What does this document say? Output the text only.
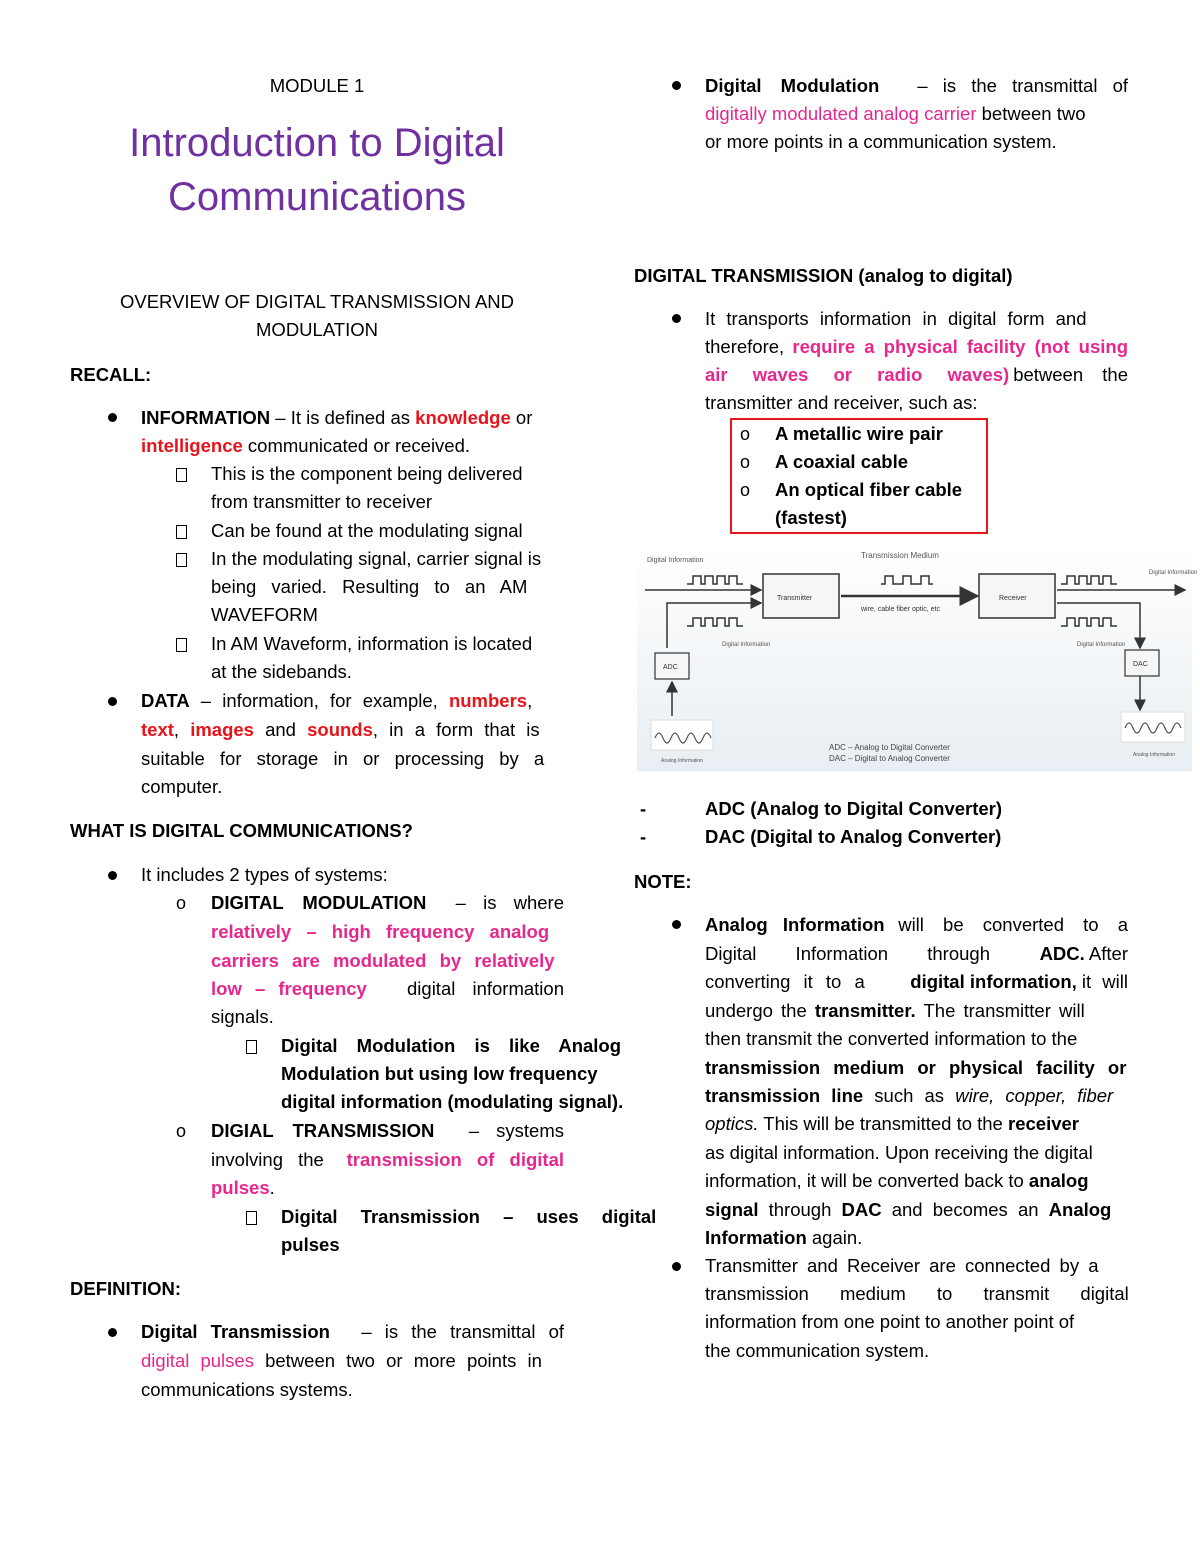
MODULE 1
Introduction to Digital
Communications
OVERVIEW OF DIGITAL TRANSMISSION AND
MODULATION
RECALL:
INFORMATION – It is defined as knowledge or
intelligence communicated or received.
This is the component being delivered
from transmitter to receiver
Can be found at the modulating signal
In the modulating signal, carrier signal is
being varied. Resulting to an AM
WAVEFORM
In AM Waveform, information is located
at the sidebands.
DATA – information, for example, numbers,
text, images and sounds, in a form that is
suitable for storage in or processing by a
computer.
WHAT IS DIGITAL COMMUNICATIONS?
It includes 2 types of systems:
o DIGITAL MODULATION – is where
relatively – high frequency analog
carriers are modulated by relatively
low – frequency digital information
signals.
Digital Modulation is like Analog
Modulation but using low frequency
digital information (modulating signal).
o DIGIAL TRANSMISSION – systems
involving the transmission of digital
pulses.
Digital Transmission – uses digital
pulses
DEFINITION:
Digital Transmission – is the transmittal of
digital pulses between two or more points in
communications systems.
Digital Modulation – is the transmittal of
digitally modulated analog carrier between two
or more points in a communication system.
DIGITAL TRANSMISSION (analog to digital)
It transports information in digital form and
therefore, require a physical facility (not using
air waves or radio waves) between the
transmitter and receiver, such as:
o A metallic wire pair
o A coaxial cable
o An optical fiber cable
(fastest)
Digital Information
Transmission Medium
Digital Information
Transmitter	Receiver
wire, cable fiber optic, etc
Digital Information	Digital Information
ADC	DAC
Analog Information
Analog Information
ADC – Analog to Digital Converter
DAC – Digital to Analog Converter
-	ADC (Analog to Digital Converter)
-	DAC (Digital to Analog Converter)
NOTE:
Analog Information will be converted to a
Digital Information through	ADC. After
converting it to a digital information, it will
undergo the transmitter. The transmitter will
then transmit the converted information to the
transmission medium or physical facility or
transmission line such as wire, copper, fiber
optics. This will be transmitted to the receiver
as digital information. Upon receiving the digital
information, it will be converted back to analog
signal through DAC and becomes an Analog
Information again.
Transmitter and Receiver are connected by a
transmission medium to transmit digital
information from one point to another point of
the communication system.
